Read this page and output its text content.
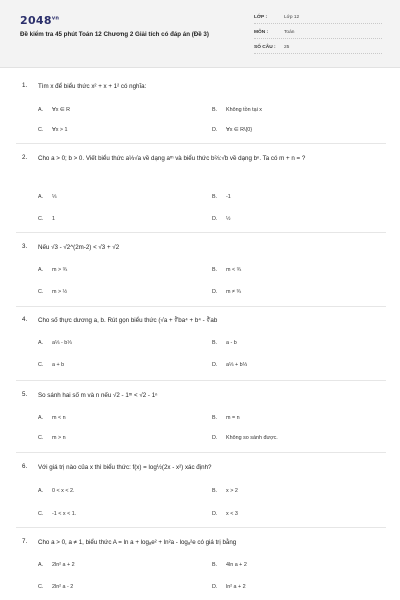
$2048^{vn}$
Đề kiểm tra 45 phút Toán 12 Chương 2 Giải tích có đáp án (Đề 3)
LỚP :	Lớp 12
MÔN :	Toán
SỐ CÂU : 25
1. Tìm x để biểu thức x² + x + 1² có nghĩa:
A. ∀x ∈ R	B. Không tồn tại x
C. ∀x > 1	D. ∀x ∈ R\{0}
2. Cho a > 0; b > 0. Viết biểu thức a⅓√a về dạng aᵐ và biểu thức b⅔:√b về dạng bⁿ. Ta có m + n = ?
A. ⅓	B. -1
C. 1	D. ½
3. Nếu √3 - √2^(2m-2) < √3 + √2
A. m > ¾	B. m < ¾
C. m > ½	D. m ≠ ¾
4. Cho số thực dương a, b. Rút gọn biểu thức (√a + ∛ba⁴ + b⁴ - ∛ab
A. a⅓ - b⅓	B. a - b
C. a + b	D. a⅓ + b⅓
5. So sánh hai số m và n nếu √2 - 1ᵐ < √2 - 1ⁿ
A. m < n	B. m = n
C. m > n	D. Không so sánh được.
6. Với giá trị nào của x thì biểu thức: f(x) = log½(2x - x²) xác định?
A. 0 < x < 2.	B. x > 2
C. -1 < x < 1.	D. x < 3
7. Cho a > 0, a ≠ 1, biểu thức A = ln a + logₐe² + ln²a - logₐ²e có giá trị bằng
A. 2ln² a + 2	B. 4ln a + 2
C. 2ln² a - 2	D. ln² a + 2
